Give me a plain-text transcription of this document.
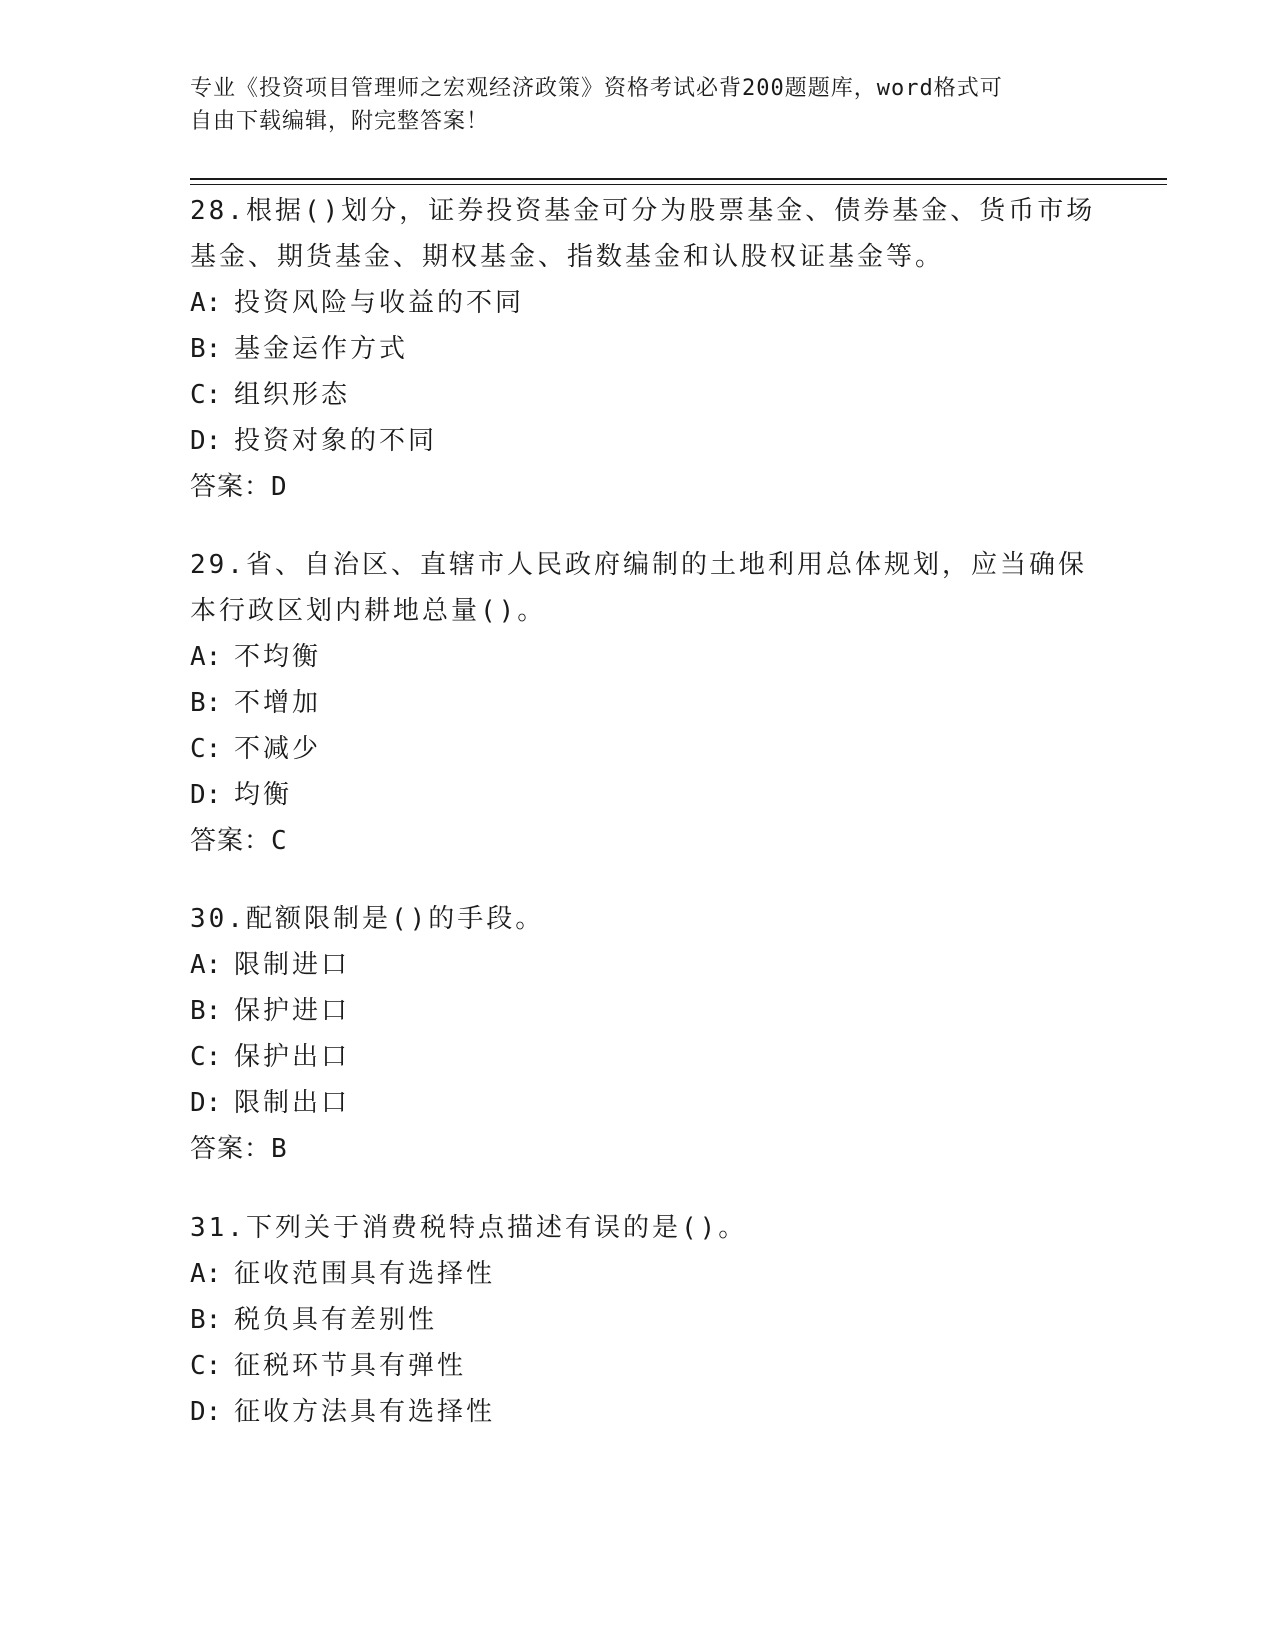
专业《投资项目管理师之宏观经济政策》资格考试必背200题题库，word格式可
自由下载编辑，附完整答案！
28.根据()划分，证券投资基金可分为股票基金、债券基金、货币市场
基金、期货基金、期权基金、指数基金和认股权证基金等。
A: 投资风险与收益的不同
B: 基金运作方式
C: 组织形态
D: 投资对象的不同
答案：D
29.省、自治区、直辖市人民政府编制的土地利用总体规划，应当确保
本行政区划内耕地总量()。
A: 不均衡
B: 不增加
C: 不减少
D: 均衡
答案：C
30.配额限制是()的手段。
A: 限制进口
B: 保护进口
C: 保护出口
D: 限制出口
答案：B
31.下列关于消费税特点描述有误的是()。
A: 征收范围具有选择性
B: 税负具有差别性
C: 征税环节具有弹性
D: 征收方法具有选择性
